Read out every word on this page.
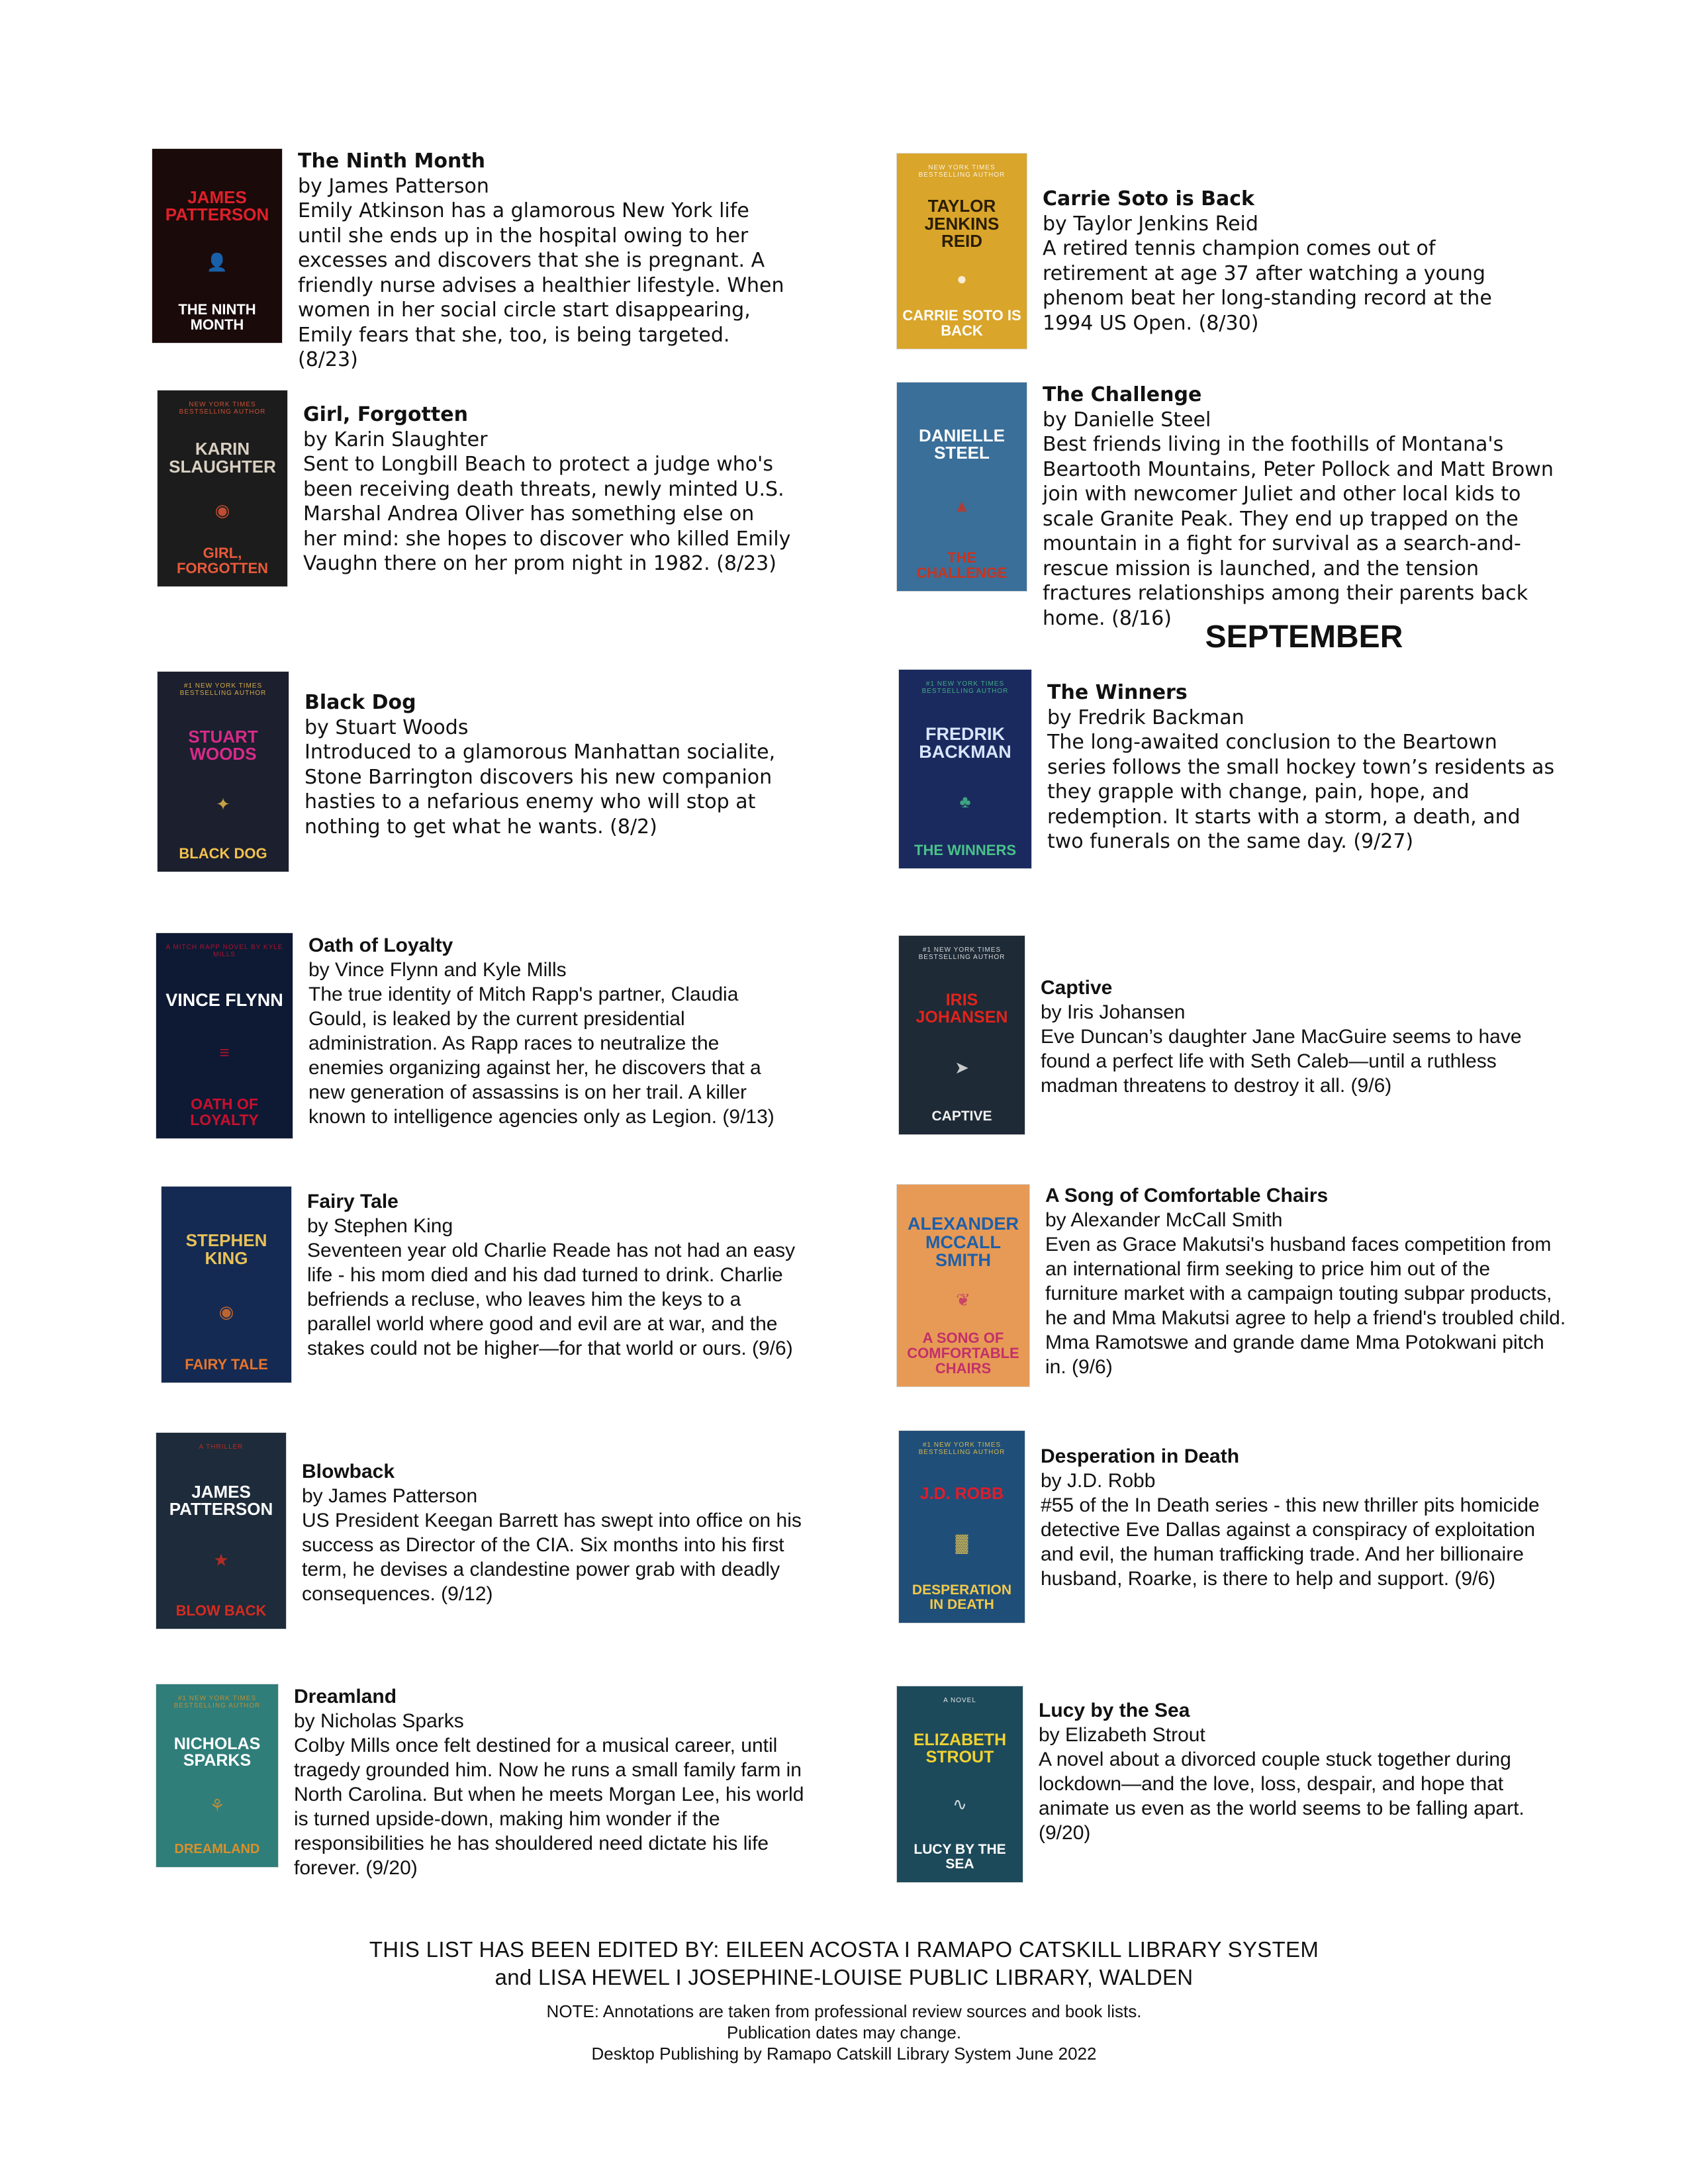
JAMES PATTERSON
👤
THE NINTH MONTH
The Ninth Month
by James Patterson
Emily Atkinson has a glamorous New York life until she ends up in the hospital owing to her excesses and discovers that she is pregnant. A friendly nurse advises a healthier lifestyle. When women in her social circle start disappearing, Emily fears that she, too, is being targeted. (8/23)
NEW YORK TIMES BESTSELLING AUTHOR
KARIN SLAUGHTER
◉
GIRL, FORGOTTEN
Girl, Forgotten
by Karin Slaughter
Sent to Longbill Beach to protect a judge who's been receiving death threats, newly minted U.S. Marshal Andrea Oliver has something else on her mind: she hopes to discover who killed Emily Vaughn there on her prom night in 1982. (8/23)
#1 NEW YORK TIMES BESTSELLING AUTHOR
STUART WOODS
✦
BLACK DOG
Black Dog
by Stuart Woods
Introduced to a glamorous Manhattan socialite, Stone Barrington discovers his new companion hasties to a nefarious enemy who will stop at nothing to get what he wants. (8/2)
A MITCH RAPP NOVEL BY KYLE MILLS
VINCE FLYNN
≡
OATH OF LOYALTY
Oath of Loyalty
by Vince Flynn and Kyle Mills
The true identity of Mitch Rapp's partner, Claudia Gould, is leaked by the current presidential administration. As Rapp races to neutralize the enemies organizing against her, he discovers that a new generation of assassins is on her trail. A killer known to intelligence agencies only as Legion. (9/13)
STEPHEN KING
◉
FAIRY TALE
Fairy Tale
by Stephen King
Seventeen year old Charlie Reade has not had an easy life - his mom died and his dad turned to drink. Charlie befriends a recluse, who leaves him the keys to a parallel world where good and evil are at war, and the stakes could not be higher—for that world or ours. (9/6)
A THRILLER
JAMES PATTERSON
★
BLOW BACK
Blowback
by James Patterson
US President Keegan Barrett has swept into office on his success as Director of the CIA. Six months into his first term, he devises a clandestine power grab with deadly consequences. (9/12)
#1 NEW YORK TIMES BESTSELLING AUTHOR
NICHOLAS SPARKS
⚘
DREAMLAND
Dreamland
by Nicholas Sparks
Colby Mills once felt destined for a musical career, until tragedy grounded him. Now he runs a small family farm in North Carolina. But when he meets Morgan Lee, his world is turned upside-down, making him wonder if the responsibilities he has shouldered need dictate his life forever. (9/20)
NEW YORK TIMES BESTSELLING AUTHOR
TAYLOR JENKINS REID
●
CARRIE SOTO IS BACK
Carrie Soto is Back
by Taylor Jenkins Reid
A retired tennis champion comes out of retirement at age 37 after watching a young phenom beat her long-standing record at the 1994 US Open. (8/30)
DANIELLE STEEL
▲
THE CHALLENGE
The Challenge
by Danielle Steel
Best friends living in the foothills of Montana's Beartooth Mountains, Peter Pollock and Matt Brown join with newcomer Juliet and other local kids to scale Granite Peak. They end up trapped on the mountain in a fight for survival as a search-and-rescue mission is launched, and the tension fractures relationships among their parents back home. (8/16)
SEPTEMBER
#1 NEW YORK TIMES BESTSELLING AUTHOR
FREDRIK BACKMAN
♣
THE WINNERS
The Winners
by Fredrik Backman
The long-awaited conclusion to the Beartown series follows the small hockey town’s residents as they grapple with change, pain, hope, and redemption. It starts with a storm, a death, and two funerals on the same day. (9/27)
#1 NEW YORK TIMES BESTSELLING AUTHOR
IRIS JOHANSEN
➤
CAPTIVE
Captive
by Iris Johansen
Eve Duncan’s daughter Jane MacGuire seems to have found a perfect life with Seth Caleb—until a ruthless madman threatens to destroy it all. (9/6)
ALEXANDER MCCALL SMITH
❦
A SONG OF COMFORTABLE CHAIRS
A Song of Comfortable Chairs
by Alexander McCall Smith
Even as Grace Makutsi's husband faces competition from an international firm seeking to price him out of the furniture market with a campaign touting subpar products, he and Mma Makutsi agree to help a friend's troubled child. Mma Ramotswe and grande dame Mma Potokwani pitch in. (9/6)
#1 NEW YORK TIMES BESTSELLING AUTHOR
J.D. ROBB
▓
DESPERATION IN DEATH
Desperation in Death
by J.D. Robb
#55 of the In Death series - this new thriller pits homicide detective Eve Dallas against a conspiracy of exploitation and evil, the human trafficking trade. And her billionaire husband, Roarke, is there to help and support. (9/6)
A NOVEL
ELIZABETH STROUT
∿
LUCY BY THE SEA
Lucy by the Sea
by Elizabeth Strout
A novel about a divorced couple stuck together during lockdown—and the love, loss, despair, and hope that animate us even as the world seems to be falling apart. (9/20)
THIS LIST HAS BEEN EDITED BY: EILEEN ACOSTA I RAMAPO CATSKILL LIBRARY SYSTEM
and LISA HEWEL I JOSEPHINE-LOUISE PUBLIC LIBRARY, WALDEN
NOTE: Annotations are taken from professional review sources and book lists.
Publication dates may change.
Desktop Publishing by Ramapo Catskill Library System June 2022
